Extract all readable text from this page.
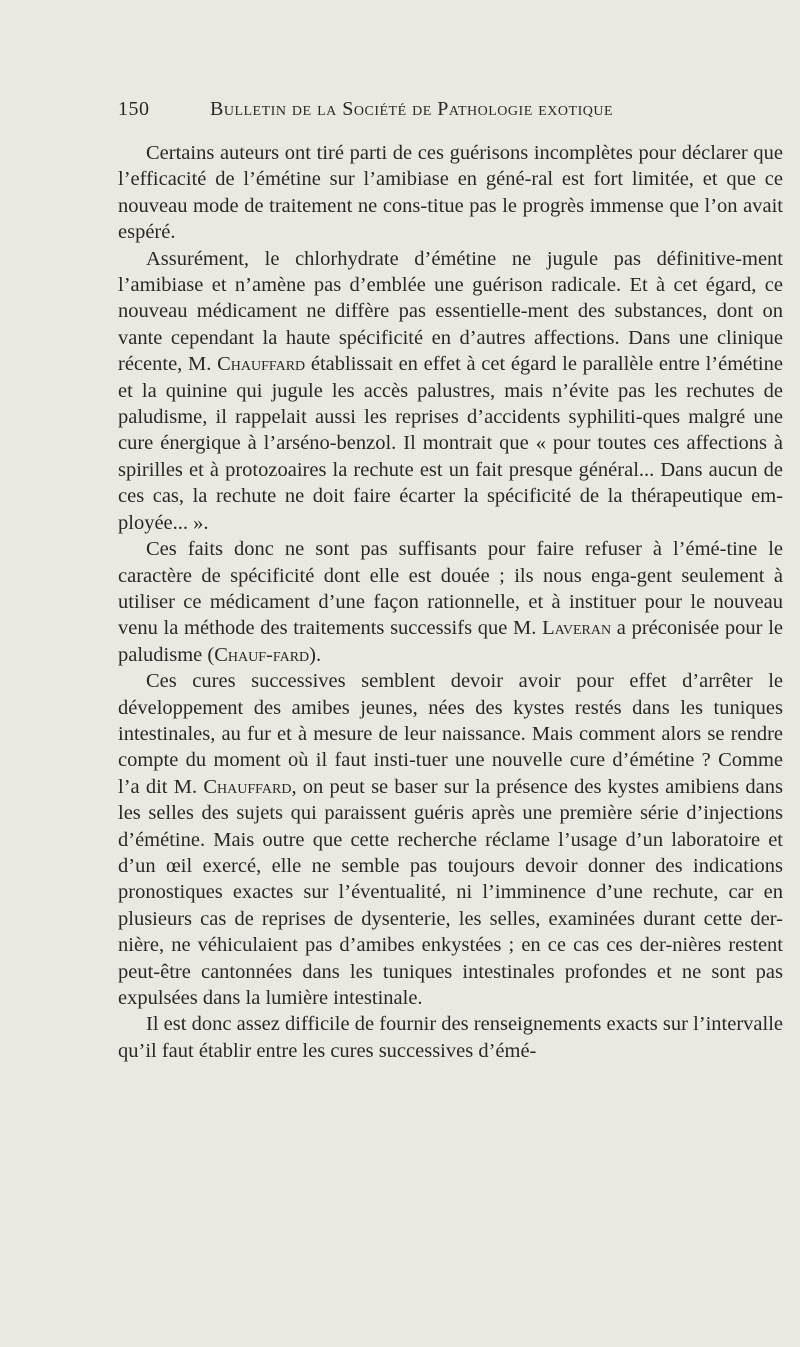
150	Bulletin de la Société de Pathologie exotique

Certains auteurs ont tiré parti de ces guérisons incomplètes pour déclarer que l’efficacité de l’émétine sur l’amibiase en géné-ral est fort limitée, et que ce nouveau mode de traitement ne cons-titue pas le progrès immense que l’on avait espéré.

Assurément, le chlorhydrate d’émétine ne jugule pas définitive-ment l’amibiase et n’amène pas d’emblée une guérison radicale. Et à cet égard, ce nouveau médicament ne diffère pas essentielle-ment des substances, dont on vante cependant la haute spécificité en d’autres affections. Dans une clinique récente, M. Chauffard établissait en effet à cet égard le parallèle entre l’émétine et la quinine qui jugule les accès palustres, mais n’évite pas les rechutes de paludisme, il rappelait aussi les reprises d’accidents syphiliti-ques malgré une cure énergique à l’arséno-benzol. Il montrait que « pour toutes ces affections à spirilles et à protozoaires la rechute est un fait presque général... Dans aucun de ces cas, la rechute ne doit faire écarter la spécificité de la thérapeutique em-ployée... ».

Ces faits donc ne sont pas suffisants pour faire refuser à l’émé-tine le caractère de spécificité dont elle est douée ; ils nous enga-gent seulement à utiliser ce médicament d’une façon rationnelle, et à instituer pour le nouveau venu la méthode des traitements successifs que M. Laveran a préconisée pour le paludisme (Chauf-fard).

Ces cures successives semblent devoir avoir pour effet d’arrêter le développement des amibes jeunes, nées des kystes restés dans les tuniques intestinales, au fur et à mesure de leur naissance. Mais comment alors se rendre compte du moment où il faut insti-tuer une nouvelle cure d’émétine ? Comme l’a dit M. Chauffard, on peut se baser sur la présence des kystes amibiens dans les selles des sujets qui paraissent guéris après une première série d’injections d’émétine. Mais outre que cette recherche réclame l’usage d’un laboratoire et d’un œil exercé, elle ne semble pas toujours devoir donner des indications pronostiques exactes sur l’éventualité, ni l’imminence d’une rechute, car en plusieurs cas de reprises de dysenterie, les selles, examinées durant cette der-nière, ne véhiculaient pas d’amibes enkystées ; en ce cas ces der-nières restent peut-être cantonnées dans les tuniques intestinales profondes et ne sont pas expulsées dans la lumière intestinale.

Il est donc assez difficile de fournir des renseignements exacts sur l’intervalle qu’il faut établir entre les cures successives d’émé-
